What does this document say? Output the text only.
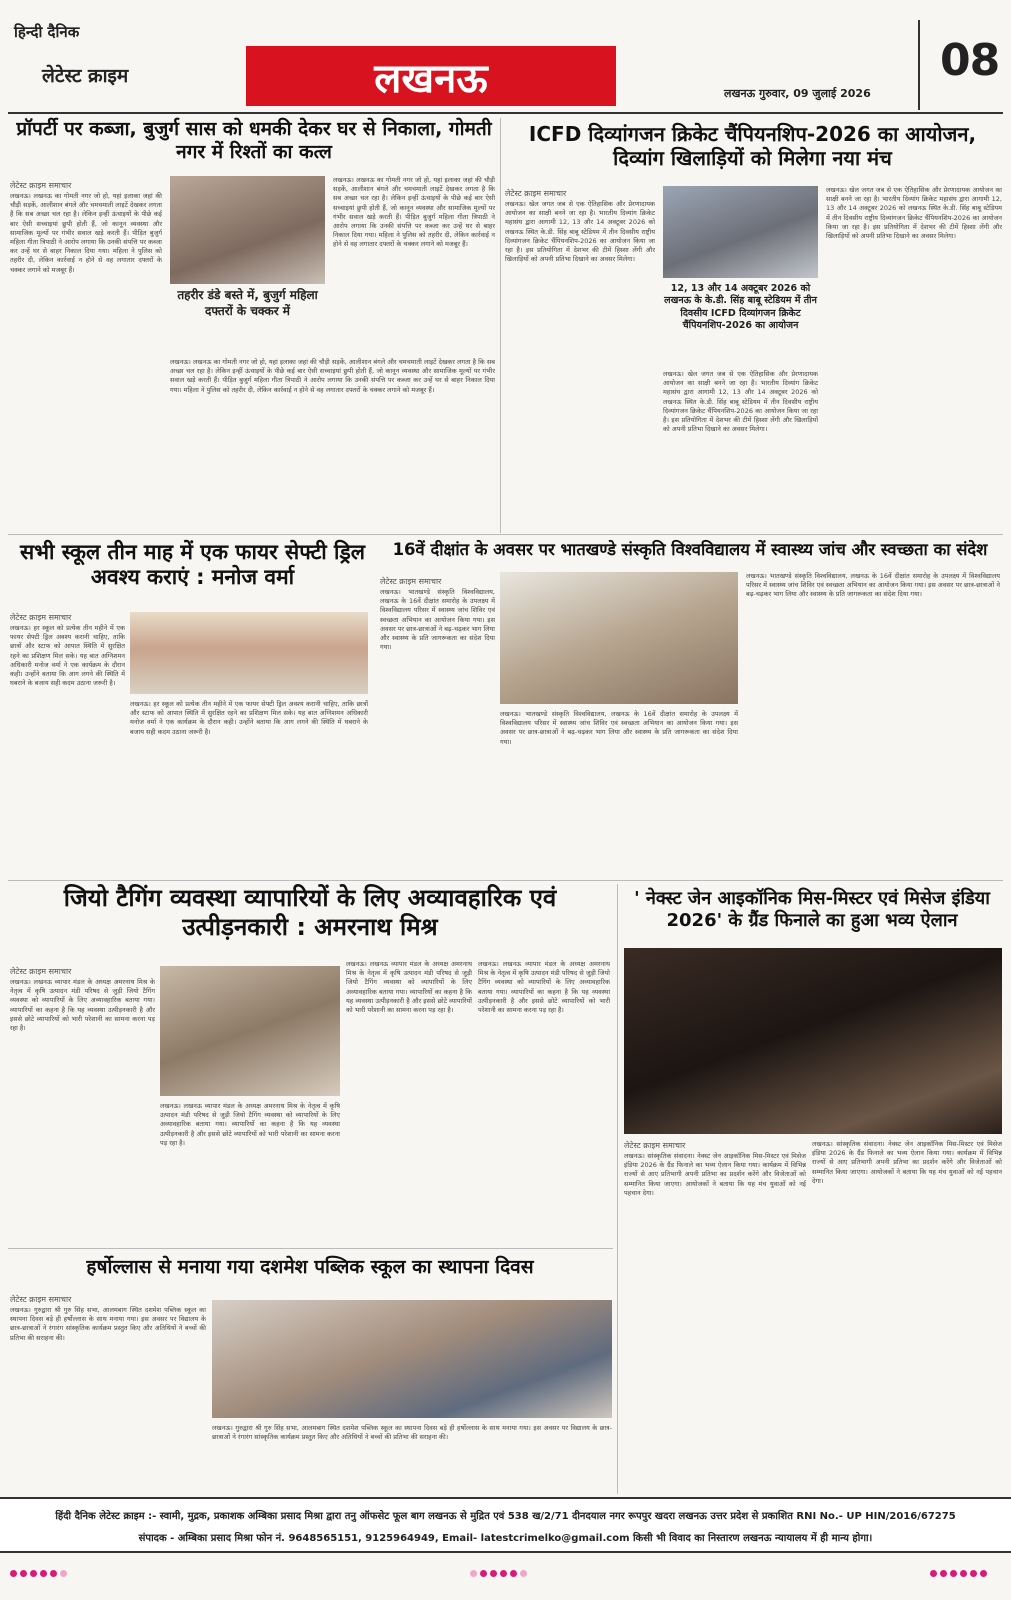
हिन्दी दैनिक
लेटेस्ट क्राइम	लखनऊ	लखनऊ गुरुवार, 09 जुलाई 2026
08
प्रॉपर्टी पर कब्जा, बुजुर्ग सास को धमकी देकर घर से निकाला, गोमती नगर में रिश्तों का कत्ल
लेटेस्ट क्राइम समाचार
लखनऊ। लखनऊ का गोमती नगर जो हो, यहां इलाका जहां की चौड़ी सड़कें, आलीशान बंगले और चमचमाती लाइटें देखकर लगता है कि सब अच्छा चल रहा है। लेकिन इन्हीं ऊंचाइयों के पीछे कई बार ऐसी सच्चाइयां छुपी होती हैं, जो कानून व्यवस्था और सामाजिक मूल्यों पर गंभीर सवाल खड़े करती हैं। पीड़ित बुजुर्ग महिला गीता त्रिपाठी ने आरोप लगाया कि उनकी संपत्ति पर कब्जा कर उन्हें घर से बाहर निकाल दिया गया। महिला ने पुलिस को तहरीर दी, लेकिन कार्रवाई न होने से वह लगातार दफ्तरों के चक्कर लगाने को मजबूर हैं।
तहरीर डंडे बस्ते में, बुजुर्ग महिला दफ्तरों के चक्कर में
लखनऊ। लखनऊ का गोमती नगर जो हो, यहां इलाका जहां की चौड़ी सड़कें, आलीशान बंगले और चमचमाती लाइटें देखकर लगता है कि सब अच्छा चल रहा है। लेकिन इन्हीं ऊंचाइयों के पीछे कई बार ऐसी सच्चाइयां छुपी होती हैं, जो कानून व्यवस्था और सामाजिक मूल्यों पर गंभीर सवाल खड़े करती हैं। पीड़ित बुजुर्ग महिला गीता त्रिपाठी ने आरोप लगाया कि उनकी संपत्ति पर कब्जा कर उन्हें घर से बाहर निकाल दिया गया। महिला ने पुलिस को तहरीर दी, लेकिन कार्रवाई न होने से वह लगातार दफ्तरों के चक्कर लगाने को मजबूर हैं।
लखनऊ। लखनऊ का गोमती नगर जो हो, यहां इलाका जहां की चौड़ी सड़कें, आलीशान बंगले और चमचमाती लाइटें देखकर लगता है कि सब अच्छा चल रहा है। लेकिन इन्हीं ऊंचाइयों के पीछे कई बार ऐसी सच्चाइयां छुपी होती हैं, जो कानून व्यवस्था और सामाजिक मूल्यों पर गंभीर सवाल खड़े करती हैं। पीड़ित बुजुर्ग महिला गीता त्रिपाठी ने आरोप लगाया कि उनकी संपत्ति पर कब्जा कर उन्हें घर से बाहर निकाल दिया गया। महिला ने पुलिस को तहरीर दी, लेकिन कार्रवाई न होने से वह लगातार दफ्तरों के चक्कर लगाने को मजबूर हैं।
ICFD दिव्यांगजन क्रिकेट चैंपियनशिप-2026 का आयोजन, दिव्यांग खिलाड़ियों को मिलेगा नया मंच
लेटेस्ट क्राइम समाचार
लखनऊ। खेल जगत जब से एक ऐतिहासिक और प्रेरणादायक आयोजन का साक्षी बनने जा रहा है। भारतीय दिव्यांग क्रिकेट महासंघ द्वारा आगामी 12, 13 और 14 अक्टूबर 2026 को लखनऊ स्थित के.डी. सिंह बाबू स्टेडियम में तीन दिवसीय राष्ट्रीय दिव्यांगजन क्रिकेट चैंपियनशिप-2026 का आयोजन किया जा रहा है। इस प्रतियोगिता में देशभर की टीमें हिस्सा लेंगी और खिलाड़ियों को अपनी प्रतिभा दिखाने का अवसर मिलेगा।
12, 13 और 14 अक्टूबर 2026 को लखनऊ के के.डी. सिंह बाबू स्टेडियम में तीन दिवसीय ICFD दिव्यांगजन क्रिकेट चैंपियनशिप-2026 का आयोजन
लखनऊ। खेल जगत जब से एक ऐतिहासिक और प्रेरणादायक आयोजन का साक्षी बनने जा रहा है। भारतीय दिव्यांग क्रिकेट महासंघ द्वारा आगामी 12, 13 और 14 अक्टूबर 2026 को लखनऊ स्थित के.डी. सिंह बाबू स्टेडियम में तीन दिवसीय राष्ट्रीय दिव्यांगजन क्रिकेट चैंपियनशिप-2026 का आयोजन किया जा रहा है। इस प्रतियोगिता में देशभर की टीमें हिस्सा लेंगी और खिलाड़ियों को अपनी प्रतिभा दिखाने का अवसर मिलेगा।
लखनऊ। खेल जगत जब से एक ऐतिहासिक और प्रेरणादायक आयोजन का साक्षी बनने जा रहा है। भारतीय दिव्यांग क्रिकेट महासंघ द्वारा आगामी 12, 13 और 14 अक्टूबर 2026 को लखनऊ स्थित के.डी. सिंह बाबू स्टेडियम में तीन दिवसीय राष्ट्रीय दिव्यांगजन क्रिकेट चैंपियनशिप-2026 का आयोजन किया जा रहा है। इस प्रतियोगिता में देशभर की टीमें हिस्सा लेंगी और खिलाड़ियों को अपनी प्रतिभा दिखाने का अवसर मिलेगा।
सभी स्कूल तीन माह में एक फायर सेफ्टी ड्रिल अवश्य कराएं : मनोज वर्मा
लेटेस्ट क्राइम समाचार
लखनऊ। हर स्कूल को प्रत्येक तीन महीने में एक फायर सेफ्टी ड्रिल अवश्य करानी चाहिए, ताकि छात्रों और स्टाफ को आपात स्थिति में सुरक्षित रहने का प्रशिक्षण मिल सके। यह बात अग्निशमन अधिकारी मनोज वर्मा ने एक कार्यक्रम के दौरान कही। उन्होंने बताया कि आग लगने की स्थिति में घबराने के बजाय सही कदम उठाना जरूरी है।
लखनऊ। हर स्कूल को प्रत्येक तीन महीने में एक फायर सेफ्टी ड्रिल अवश्य करानी चाहिए, ताकि छात्रों और स्टाफ को आपात स्थिति में सुरक्षित रहने का प्रशिक्षण मिल सके। यह बात अग्निशमन अधिकारी मनोज वर्मा ने एक कार्यक्रम के दौरान कही। उन्होंने बताया कि आग लगने की स्थिति में घबराने के बजाय सही कदम उठाना जरूरी है।
16वें दीक्षांत के अवसर पर भातखण्डे संस्कृति विश्वविद्यालय में स्वास्थ्य जांच और स्वच्छता का संदेश
लेटेस्ट क्राइम समाचार
लखनऊ। भातखण्डे संस्कृति विश्वविद्यालय, लखनऊ के 16वें दीक्षांत समारोह के उपलक्ष्य में विश्वविद्यालय परिसर में स्वास्थ्य जांच शिविर एवं स्वच्छता अभियान का आयोजन किया गया। इस अवसर पर छात्र-छात्राओं ने बढ़-चढ़कर भाग लिया और स्वास्थ्य के प्रति जागरूकता का संदेश दिया गया।
लखनऊ। भातखण्डे संस्कृति विश्वविद्यालय, लखनऊ के 16वें दीक्षांत समारोह के उपलक्ष्य में विश्वविद्यालय परिसर में स्वास्थ्य जांच शिविर एवं स्वच्छता अभियान का आयोजन किया गया। इस अवसर पर छात्र-छात्राओं ने बढ़-चढ़कर भाग लिया और स्वास्थ्य के प्रति जागरूकता का संदेश दिया गया।
लखनऊ। भातखण्डे संस्कृति विश्वविद्यालय, लखनऊ के 16वें दीक्षांत समारोह के उपलक्ष्य में विश्वविद्यालय परिसर में स्वास्थ्य जांच शिविर एवं स्वच्छता अभियान का आयोजन किया गया। इस अवसर पर छात्र-छात्राओं ने बढ़-चढ़कर भाग लिया और स्वास्थ्य के प्रति जागरूकता का संदेश दिया गया।
जियो टैगिंग व्यवस्था व्यापारियों के लिए अव्यावहारिक एवं उत्पीड़नकारी : अमरनाथ मिश्र
लेटेस्ट क्राइम समाचार
लखनऊ। लखनऊ व्यापार मंडल के अध्यक्ष अमरनाथ मिश्र के नेतृत्व में कृषि उत्पादन मंडी परिषद से जुड़ी जियो टैगिंग व्यवस्था को व्यापारियों के लिए अव्यावहारिक बताया गया। व्यापारियों का कहना है कि यह व्यवस्था उत्पीड़नकारी है और इससे छोटे व्यापारियों को भारी परेशानी का सामना करना पड़ रहा है।
लखनऊ। लखनऊ व्यापार मंडल के अध्यक्ष अमरनाथ मिश्र के नेतृत्व में कृषि उत्पादन मंडी परिषद से जुड़ी जियो टैगिंग व्यवस्था को व्यापारियों के लिए अव्यावहारिक बताया गया। व्यापारियों का कहना है कि यह व्यवस्था उत्पीड़नकारी है और इससे छोटे व्यापारियों को भारी परेशानी का सामना करना पड़ रहा है।
लखनऊ। लखनऊ व्यापार मंडल के अध्यक्ष अमरनाथ मिश्र के नेतृत्व में कृषि उत्पादन मंडी परिषद से जुड़ी जियो टैगिंग व्यवस्था को व्यापारियों के लिए अव्यावहारिक बताया गया। व्यापारियों का कहना है कि यह व्यवस्था उत्पीड़नकारी है और इससे छोटे व्यापारियों को भारी परेशानी का सामना करना पड़ रहा है।
लखनऊ। लखनऊ व्यापार मंडल के अध्यक्ष अमरनाथ मिश्र के नेतृत्व में कृषि उत्पादन मंडी परिषद से जुड़ी जियो टैगिंग व्यवस्था को व्यापारियों के लिए अव्यावहारिक बताया गया। व्यापारियों का कहना है कि यह व्यवस्था उत्पीड़नकारी है और इससे छोटे व्यापारियों को भारी परेशानी का सामना करना पड़ रहा है।
' नेक्स्ट जेन आइकॉनिक मिस-मिस्टर एवं मिसेज इंडिया 2026' के ग्रैंड फिनाले का हुआ भव्य ऐलान
लेटेस्ट क्राइम समाचार
लखनऊ। सांस्कृतिक संवादना। नेक्स्ट जेन आइकॉनिक मिस-मिस्टर एवं मिसेज इंडिया 2026 के ग्रैंड फिनाले का भव्य ऐलान किया गया। कार्यक्रम में विभिन्न राज्यों से आए प्रतिभागी अपनी प्रतिभा का प्रदर्शन करेंगे और विजेताओं को सम्मानित किया जाएगा। आयोजकों ने बताया कि यह मंच युवाओं को नई पहचान देगा।
लखनऊ। सांस्कृतिक संवादना। नेक्स्ट जेन आइकॉनिक मिस-मिस्टर एवं मिसेज इंडिया 2026 के ग्रैंड फिनाले का भव्य ऐलान किया गया। कार्यक्रम में विभिन्न राज्यों से आए प्रतिभागी अपनी प्रतिभा का प्रदर्शन करेंगे और विजेताओं को सम्मानित किया जाएगा। आयोजकों ने बताया कि यह मंच युवाओं को नई पहचान देगा।
हर्षोल्लास से मनाया गया दशमेश पब्लिक स्कूल का स्थापना दिवस
लेटेस्ट क्राइम समाचार
लखनऊ। गुरुद्वारा श्री गुरु सिंह सभा, आलमबाग स्थित दशमेश पब्लिक स्कूल का स्थापना दिवस बड़े ही हर्षोल्लास के साथ मनाया गया। इस अवसर पर विद्यालय के छात्र-छात्राओं ने रंगारंग सांस्कृतिक कार्यक्रम प्रस्तुत किए और अतिथियों ने बच्चों की प्रतिभा की सराहना की।
लखनऊ। गुरुद्वारा श्री गुरु सिंह सभा, आलमबाग स्थित दशमेश पब्लिक स्कूल का स्थापना दिवस बड़े ही हर्षोल्लास के साथ मनाया गया। इस अवसर पर विद्यालय के छात्र-छात्राओं ने रंगारंग सांस्कृतिक कार्यक्रम प्रस्तुत किए और अतिथियों ने बच्चों की प्रतिभा की सराहना की।
हिंदी दैनिक लेटेस्ट क्राइम :- स्वामी, मुद्रक, प्रकाशक अम्बिका प्रसाद मिश्रा द्वारा तनु ऑफसेट फूल बाग लखनऊ से मुद्रित एवं 538 ख/2/71 दीनदयाल नगर रूपपुर खदरा लखनऊ उत्तर प्रदेश से प्रकाशित RNI No.- UP HIN/2016/67275
संपादक - अम्बिका प्रसाद मिश्रा फोन नं. 9648565151, 9125964949, Email- latestcrimelko@gmail.com किसी भी विवाद का निस्तारण लखनऊ न्यायालय में ही मान्य होगा।
